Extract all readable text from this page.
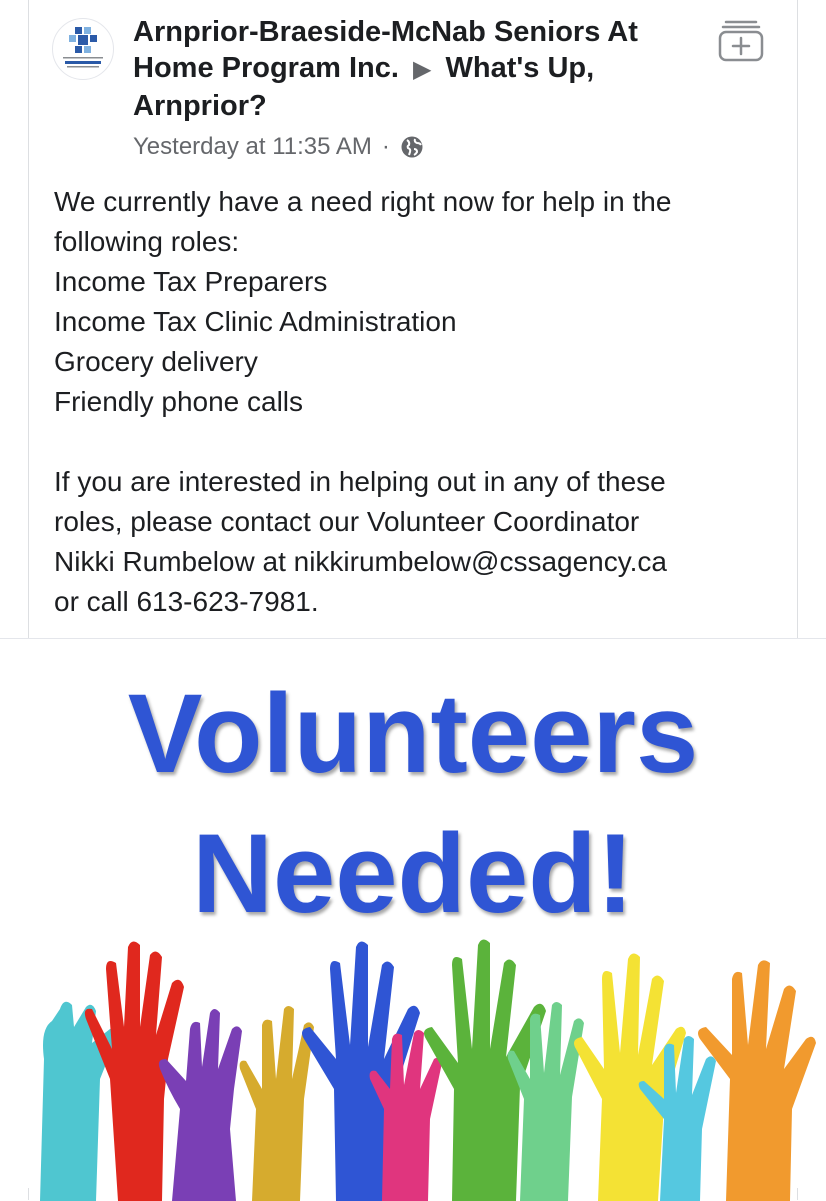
Arnprior-Braeside-McNab Seniors At Home Program Inc. ▶ What's Up, Arnprior?
Yesterday at 11:35 AM ·

We currently have a need right now for help in the

following roles:

Income Tax Preparers

Income Tax Clinic Administration

Grocery delivery

Friendly phone calls

If you are interested in helping out in any of these

roles, please contact our Volunteer Coordinator

Nikki Rumbelow at nikkirumbelow@cssagency.ca

or call 613-623-7981.

Volunteers
Needed!
